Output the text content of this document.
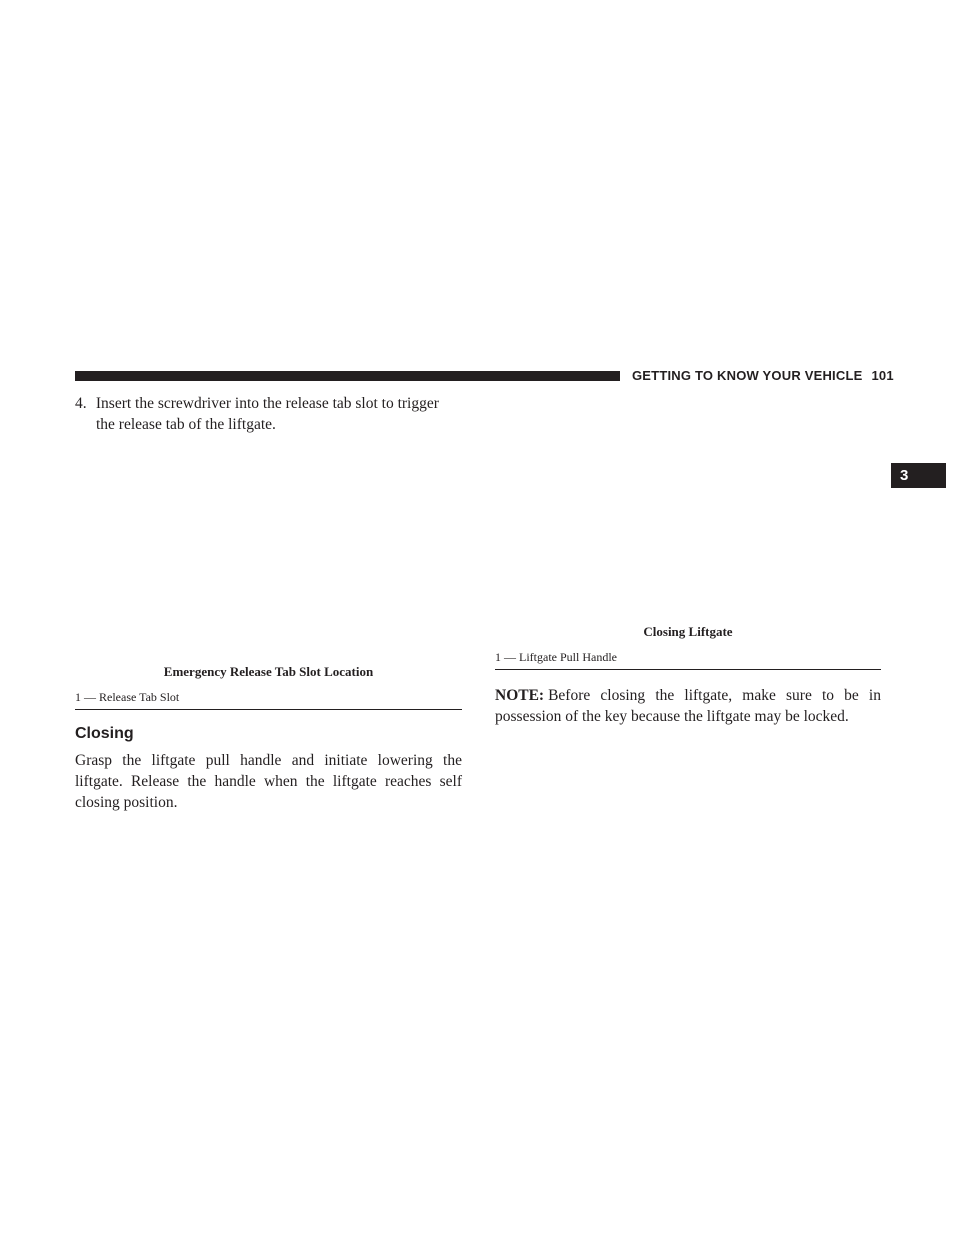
GETTING TO KNOW YOUR VEHICLE 101
3
4. Insert the screwdriver into the release tab slot to trigger
the release tab of the liftgate.
Emergency Release Tab Slot Location
1 — Release Tab Slot
Closing
Grasp the liftgate pull handle and initiate lowering the liftgate. Release the handle when the liftgate reaches self closing position.
Closing Liftgate
1 — Liftgate Pull Handle
NOTE: Before closing the liftgate, make sure to be in possession of the key because the liftgate may be locked.
